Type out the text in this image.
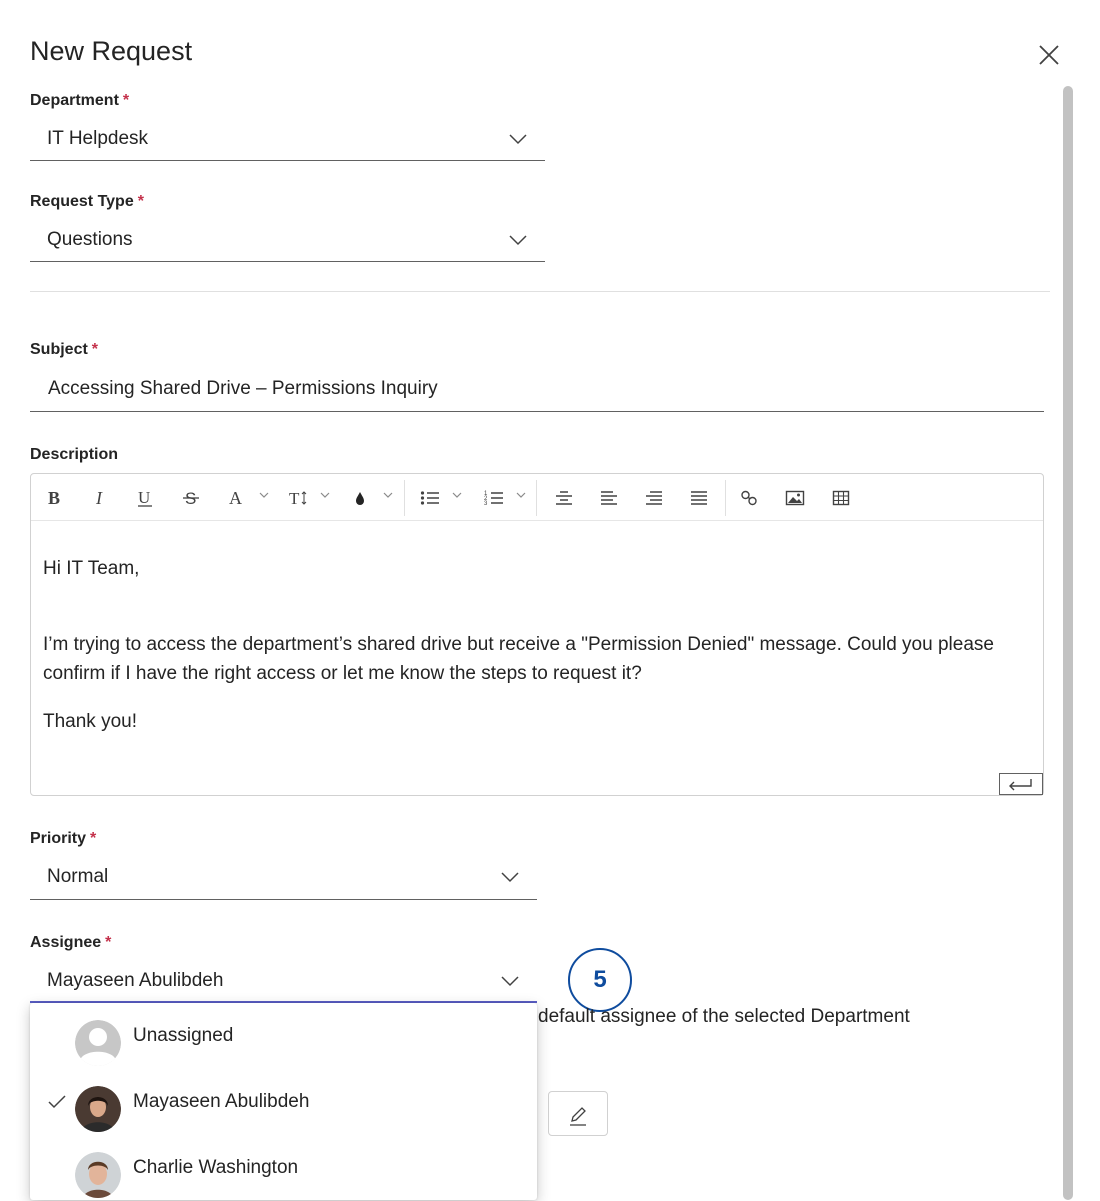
New Request
Department *
IT Helpdesk
Request Type *
Questions
Subject *
Accessing Shared Drive – Permissions Inquiry
Description
B I U S A	T	1
2
3

Hi IT Team,

I’m trying to access the department’s shared drive but receive a "Permission Denied" message. Could you please confirm if I have the right access or let me know the steps to request it?

Thank you!

Priority *
Normal
Assignee *
Mayaseen Abulibdeh	5
default assignee of the selected Department
Unassigned
Mayaseen Abulibdeh
Charlie Washington
